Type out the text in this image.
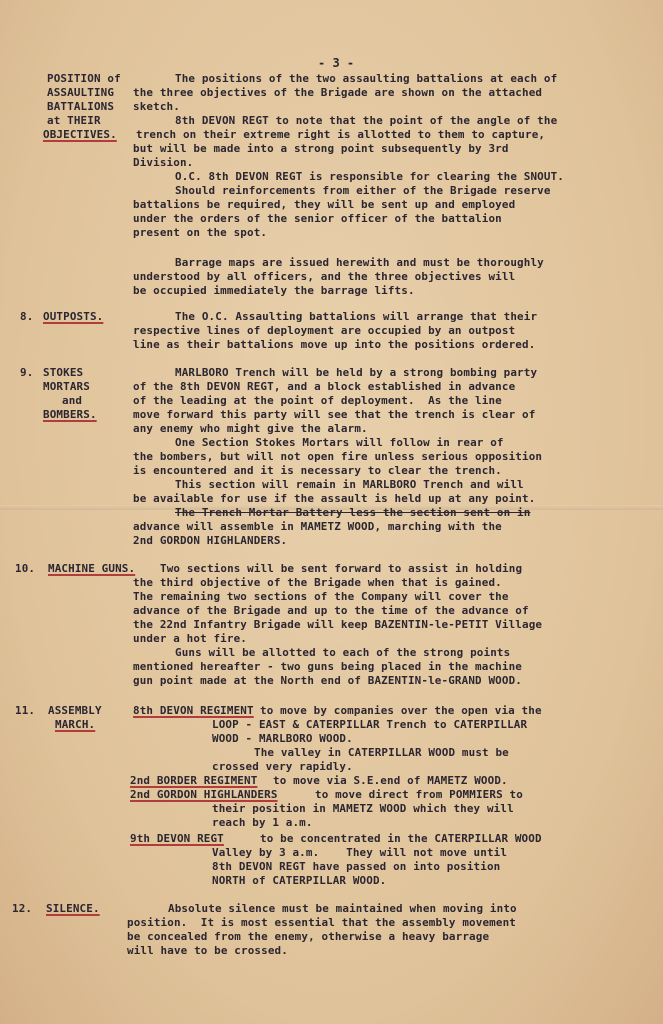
- 3 -
POSITION of
ASSAULTING
BATTALIONS
at THEIR
OBJECTIVES.
The positions of the two assaulting battalions at each of
the three objectives of the Brigade are shown on the attached
sketch.
8th DEVON REGT to note that the point of the angle of the
trench on their extreme right is allotted to them to capture,
but will be made into a strong point subsequently by 3rd
Division.
O.C. 8th DEVON REGT is responsible for clearing the SNOUT.
Should reinforcements from either of the Brigade reserve
battalions be required, they will be sent up and employed
under the orders of the senior officer of the battalion
present on the spot.
Barrage maps are issued herewith and must be thoroughly
understood by all officers, and the three objectives will
be occupied immediately the barrage lifts.
8. OUTPOSTS.	The O.C. Assaulting battalions will arrange that their
respective lines of deployment are occupied by an outpost
line as their battalions move up into the positions ordered.
9. STOKES
MORTARS
and
BOMBERS.
MARLBORO Trench will be held by a strong bombing party
of the 8th DEVON REGT, and a block established in advance
of the leading at the point of deployment.  As the line
move forward this party will see that the trench is clear of
any enemy who might give the alarm.
One Section Stokes Mortars will follow in rear of
the bombers, but will not open fire unless serious opposition
is encountered and it is necessary to clear the trench.
This section will remain in MARLBORO Trench and will
be available for use if the assault is held up at any point.
The Trench Mortar Battery less the section sent on in
advance will assemble in MAMETZ WOOD, marching with the
2nd GORDON HIGHLANDERS.
10. MACHINE GUNS. Two sections will be sent forward to assist in holding
the third objective of the Brigade when that is gained.
The remaining two sections of the Company will cover the
advance of the Brigade and up to the time of the advance of
the 22nd Infantry Brigade will keep BAZENTIN-le-PETIT Village
under a hot fire.
Guns will be allotted to each of the strong points
mentioned hereafter - two guns being placed in the machine
gun point made at the North end of BAZENTIN-le-GRAND WOOD.
11. ASSEMBLY
MARCH.
8th DEVON REGIMENT to move by companies over the open via the
LOOP - EAST & CATERPILLAR Trench to CATERPILLAR
WOOD - MARLBORO WOOD.
The valley in CATERPILLAR WOOD must be
crossed very rapidly.
2nd BORDER REGIMENT to move via S.E.end of MAMETZ WOOD.
2nd GORDON HIGHLANDERS	to move direct from POMMIERS to
their position in MAMETZ WOOD which they will
reach by 1 a.m.
9th DEVON REGT	to be concentrated in the CATERPILLAR WOOD
Valley by 3 a.m.    They will not move until
8th DEVON REGT have passed on into position
NORTH of CATERPILLAR WOOD.
12. SILENCE.	Absolute silence must be maintained when moving into
position.  It is most essential that the assembly movement
be concealed from the enemy, otherwise a heavy barrage
will have to be crossed.
